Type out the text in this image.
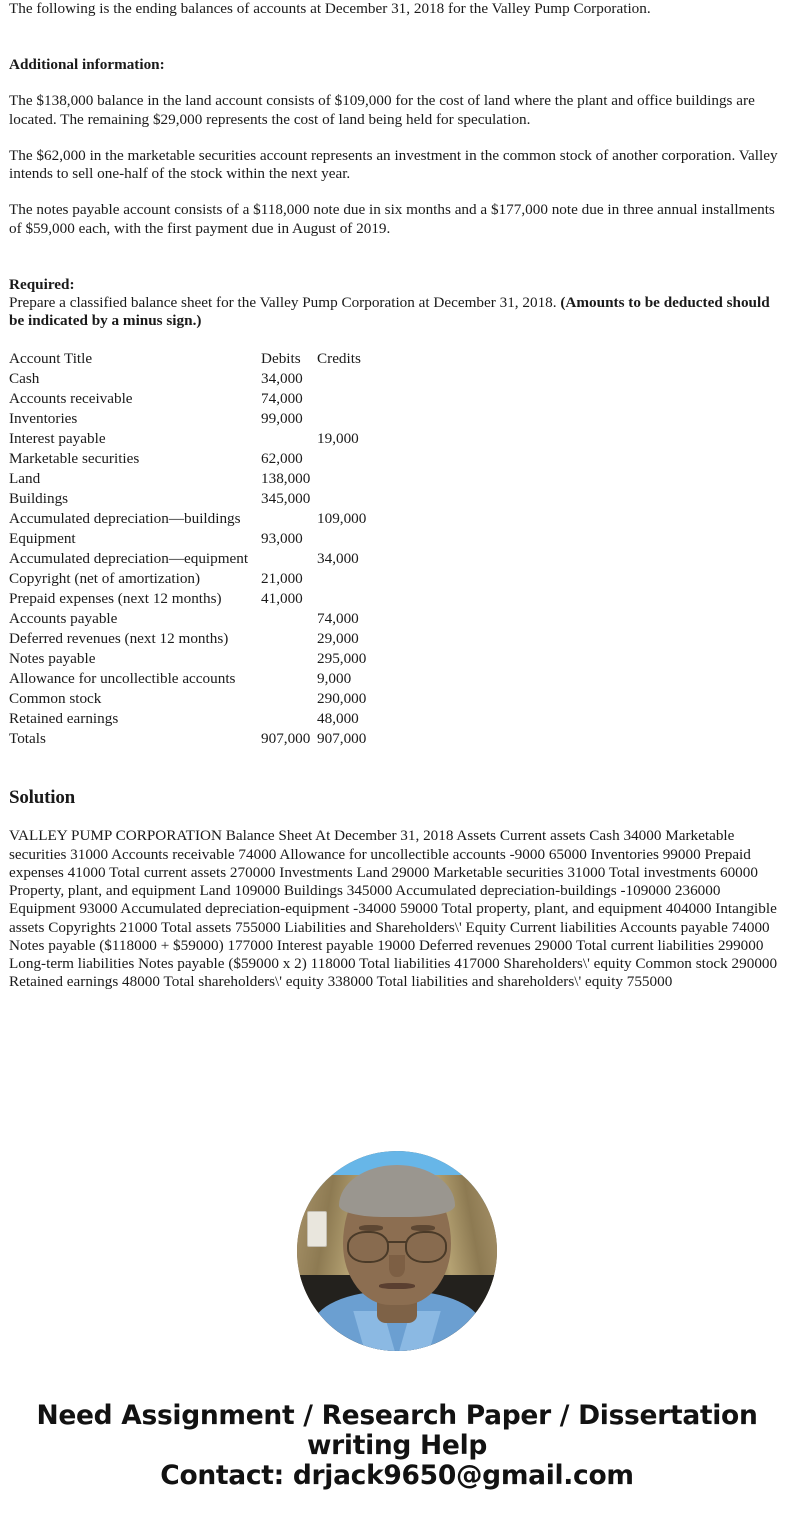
The following is the ending balances of accounts at December 31, 2018 for the Valley Pump Corporation.

Additional information:

The $138,000 balance in the land account consists of $109,000 for the cost of land where the plant and office buildings are located. The remaining $29,000 represents the cost of land being held for speculation.

The $62,000 in the marketable securities account represents an investment in the common stock of another corporation. Valley intends to sell one-half of the stock within the next year.

The notes payable account consists of a $118,000 note due in six months and a $177,000 note due in three annual installments of $59,000 each, with the first payment due in August of 2019.

Required:

Prepare a classified balance sheet for the Valley Pump Corporation at December 31, 2018. (Amounts to be deducted should be indicated by a minus sign.)

Account Title	Debits	Credits
Cash	34,000	
Accounts receivable	74,000	
Inventories	99,000	
Interest payable		19,000
Marketable securities	62,000	
Land	138,000	
Buildings	345,000	
Accumulated depreciation—buildings		109,000
Equipment	93,000	
Accumulated depreciation—equipment		34,000
Copyright (net of amortization)	21,000	
Prepaid expenses (next 12 months)	41,000	
Accounts payable		74,000
Deferred revenues (next 12 months)		29,000
Notes payable		295,000
Allowance for uncollectible accounts		9,000
Common stock		290,000
Retained earnings		48,000
Totals	907,000	907,000
Solution

VALLEY PUMP CORPORATION Balance Sheet At December 31, 2018 Assets Current assets Cash 34000 Marketable securities 31000 Accounts receivable 74000 Allowance for uncollectible accounts -9000 65000 Inventories 99000 Prepaid expenses 41000 Total current assets 270000 Investments Land 29000 Marketable securities 31000 Total investments 60000 Property, plant, and equipment Land 109000 Buildings 345000 Accumulated depreciation-buildings -109000 236000 Equipment 93000 Accumulated depreciation-equipment -34000 59000 Total property, plant, and equipment 404000 Intangible assets Copyrights 21000 Total assets 755000 Liabilities and Shareholders\' Equity Current liabilities Accounts payable 74000 Notes payable ($118000 + $59000) 177000 Interest payable 19000 Deferred revenues 29000 Total current liabilities 299000 Long-term liabilities Notes payable ($59000 x 2) 118000 Total liabilities 417000 Shareholders\' equity Common stock 290000 Retained earnings 48000 Total shareholders\' equity 338000 Total liabilities and shareholders\' equity 755000

Need Assignment / Research Paper / Dissertation
writing Help
Contact: drjack9650@gmail.com
